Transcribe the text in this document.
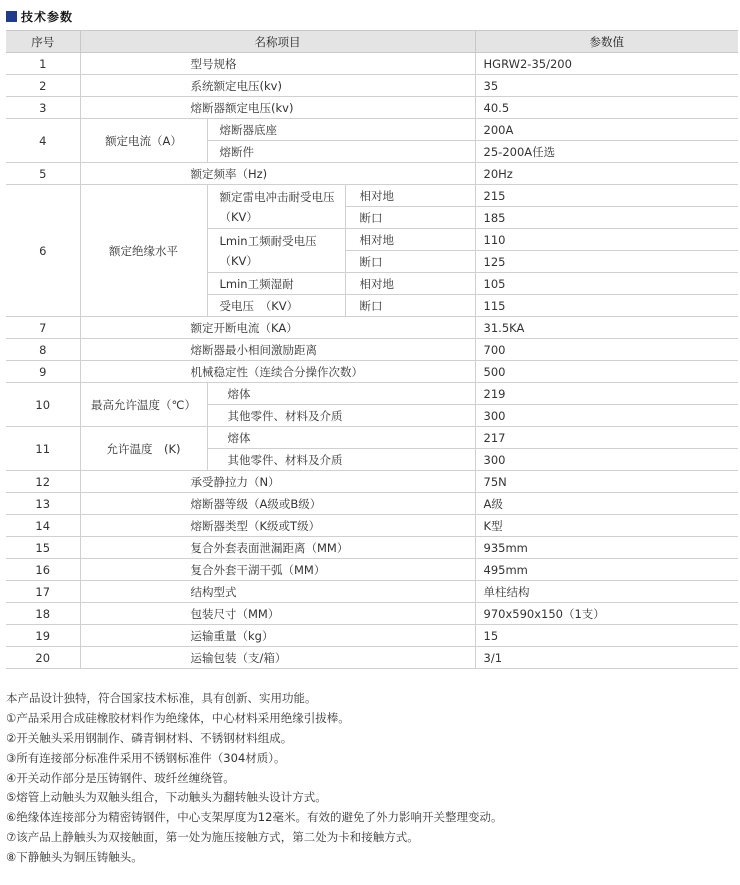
技术参数
序号	名称项目			参数值
1	型号规格			HGRW2-35/200
2	系统额定电压(kv)			35
3	熔断器额定电压(kv)			40.5
4	额定电流（A）	熔断器底座		200A
		熔断件		25-200A任选
5	额定频率（Hz)			20Hz
6	额定绝缘水平	额定雷电冲击耐受电压（KV）	相对地	215
			断口	185
		Lmin工频耐受电压　（KV）	相对地	110
			断口	125
		Lmin工频湿耐	相对地	105
		受电压　（KV）	断口	115
7	额定开断电流（KA）			31.5KA
8	熔断器最小相间激励距离			700
9	机械稳定性（连续合分操作次数）			500
10	最高允许温度（℃）	熔体		219
		其他零件、材料及介质		300
11	允许温度　(K)	熔体		217
		其他零件、材料及介质		300
12	承受静拉力（N）			75N
13	熔断器等级（A级或B级）			A级
14	熔断器类型（K级或T级）			K型
15	复合外套表面泄漏距离（MM）			935mm
16	复合外套干湖干弧（MM）			495mm
17	结构型式			单柱结构
18	包装尺寸（MM）			970x590x150（1支）
19	运输重量（kg）			15
20	运输包装（支/箱）			3/1
本产品设计独特，符合国家技术标准，具有创新、实用功能。
①产品采用合成硅橡胶材料作为绝缘体，中心材料采用绝缘引拔棒。
②开关触头采用钢制作、磷青铜材料、不锈钢材料组成。
③所有连接部分标准件采用不锈钢标准件（304材质）。
④开关动作部分是压铸钢件、玻纤丝缠绕管。
⑤熔管上动触头为双触头组合，下动触头为翻转触头设计方式。
⑥绝缘体连接部分为精密铸钢件，中心支架厚度为12毫米。有效的避免了外力影响开关整理变动。
⑦该产品上静触头为双接触面，第一处为施压接触方式，第二处为卡和接触方式。
⑧下静触头为铜压铸触头。
